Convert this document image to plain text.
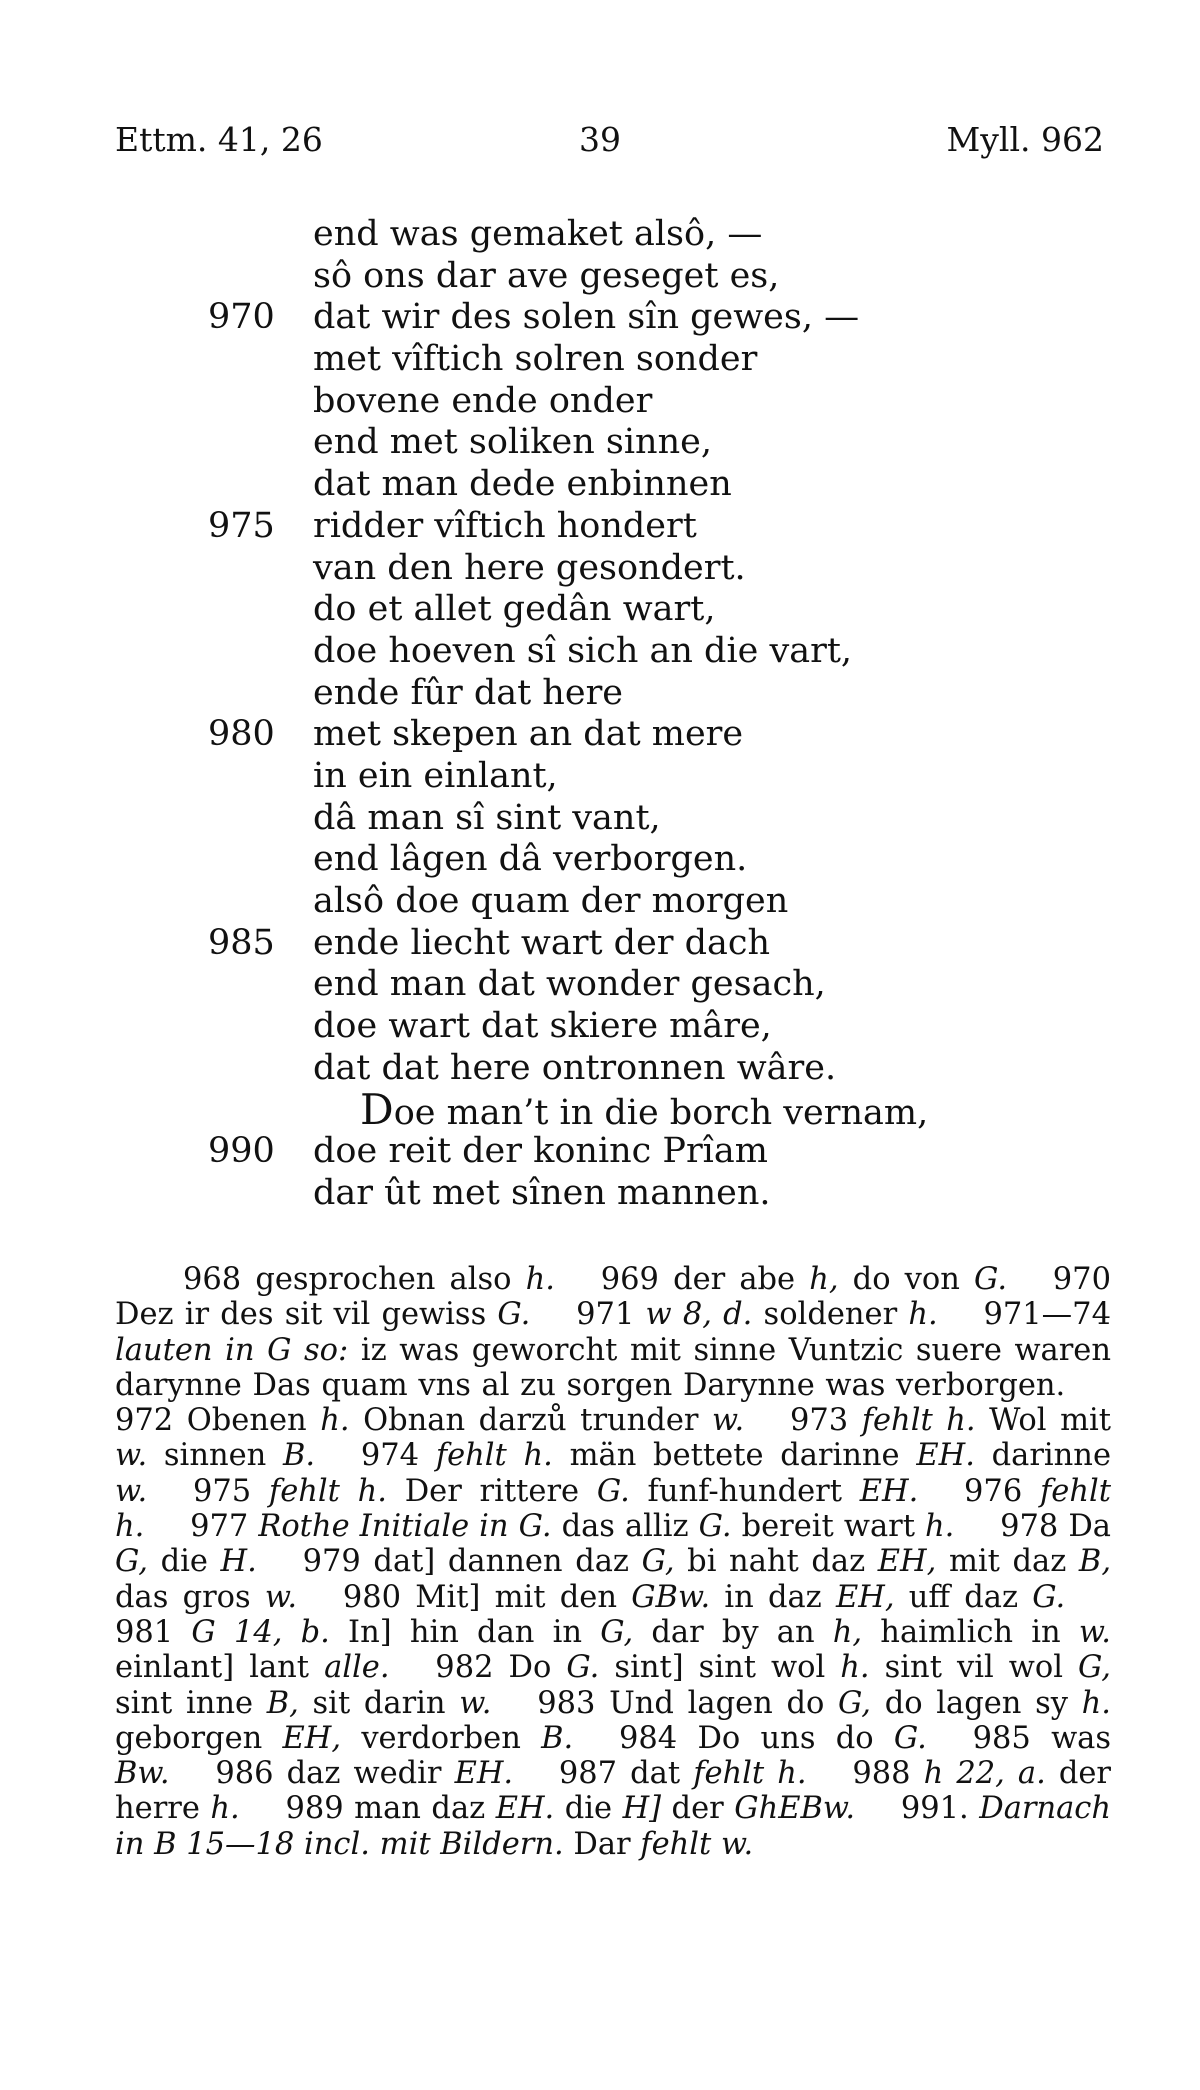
Ettm. 41, 26	39	Myll. 962
end was gemaket alsô, —
sô ons dar ave geseget es,
970 dat wir des solen sîn gewes, —
met vîftich solren sonder
bovene ende onder
end met soliken sinne,
dat man dede enbinnen
975 ridder vîftich hondert
van den here gesondert.
do et allet gedân wart,
doe hoeven sî sich an die vart,
ende fûr dat here
980 met skepen an dat mere
in ein einlant,
dâ man sî sint vant,
end lâgen dâ verborgen.
alsô doe quam der morgen
985 ende liecht wart der dach
end man dat wonder gesach,
doe wart dat skiere mâre,
dat dat here ontronnen wâre.
Doe man’t in die borch vernam,
990 doe reit der koninc Prîam
dar ût met sînen mannen.

968 gesprochen also h.  969 der abe h, do von G.  970 Dez ir des sit vil gewiss G.  971 w 8, d. soldener h.  971—74 lauten in G so: iz was geworcht mit sinne Vuntzic suere waren darynne Das quam vns al zu sorgen Darynne was verborgen.  972 Obenen h. Obnan darzů trunder w.  973 fehlt h. Wol mit w. sinnen B.  974 fehlt h. män bettete darinne EH. darinne w.  975 fehlt h. Der rittere G. funf-hundert EH.  976 fehlt h.  977 Rothe Initiale in G. das alliz G. bereit wart h.  978 Da G, die H.  979 dat] dannen daz G, bi naht daz EH, mit daz B, das gros w.  980 Mit] mit den GBw. in daz EH, uff daz G.  981 G 14, b. In] hin dan in G, dar by an h, haimlich in w. einlant] lant alle.  982 Do G. sint] sint wol h. sint vil wol G, sint inne B, sit darin w.  983 Und lagen do G, do lagen sy h. geborgen EH, verdorben B.  984 Do uns do G.  985 was Bw.  986 daz wedir EH.  987 dat fehlt h.  988 h 22, a. der herre h.  989 man daz EH. die H] der GhEBw.  991. Darnach in B 15—18 incl. mit Bildern. Dar fehlt w.
